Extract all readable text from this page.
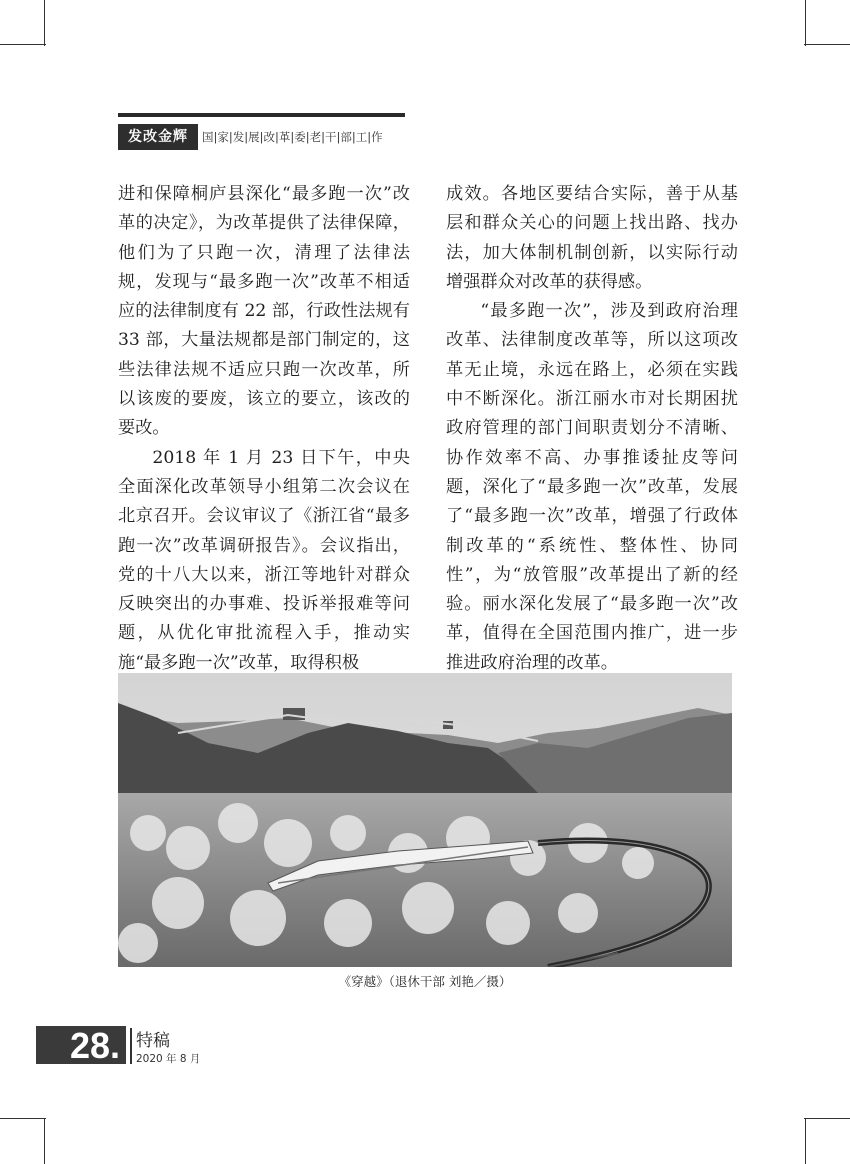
发改金辉	国|家|发|展|改|革|委|老|干|部|工|作

进和保障桐庐县深化“最多跑一次”改革的决定》，为改革提供了法律保障，他们为了只跑一次，清理了法律法规，发现与“最多跑一次”改革不相适应的法律制度有 22 部，行政性法规有 33 部，大量法规都是部门制定的，这些法律法规不适应只跑一次改革，所以该废的要废，该立的要立，该改的要改。

2018 年 1 月 23 日下午，中央全面深化改革领导小组第二次会议在北京召开。会议审议了《浙江省“最多跑一次”改革调研报告》。会议指出，党的十八大以来，浙江等地针对群众反映突出的办事难、投诉举报难等问题，从优化审批流程入手，推动实施“最多跑一次”改革，取得积极

成效。各地区要结合实际，善于从基层和群众关心的问题上找出路、找办法，加大体制机制创新，以实际行动增强群众对改革的获得感。

“最多跑一次”，涉及到政府治理改革、法律制度改革等，所以这项改革无止境，永远在路上，必须在实践中不断深化。浙江丽水市对长期困扰政府管理的部门间职责划分不清晰、协作效率不高、办事推诿扯皮等问题，深化了“最多跑一次”改革，发展了“最多跑一次”改革，增强了行政体制改革的“系统性、整体性、协同性”，为“放管服”改革提出了新的经验。丽水深化发展了“最多跑一次”改革，值得在全国范围内推广，进一步推进政府治理的改革。

《穿越》（退休干部 刘艳／摄）
28. 特稿
2020 年 8 月
